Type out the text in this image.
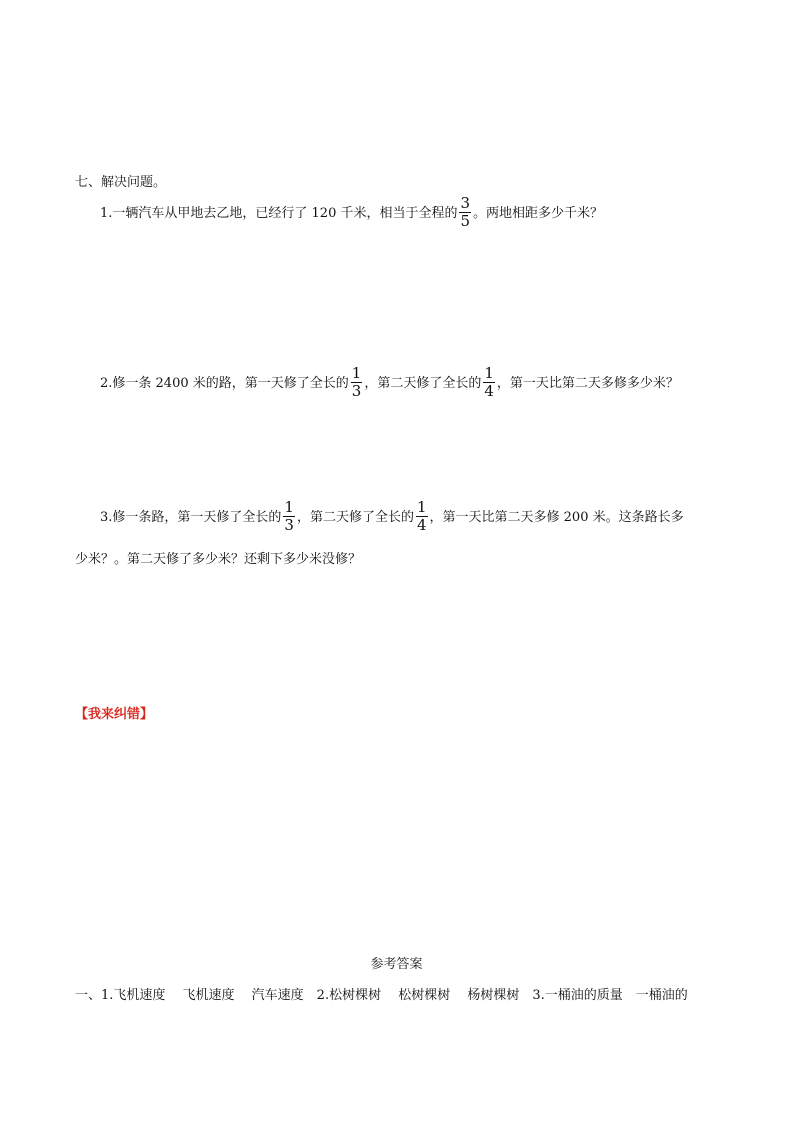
七、解决问题。
1.一辆汽车从甲地去乙地，已经行了 120 千米，相当于全程的 $\frac{3}{5}$ 。两地相距多少千米？
2.修一条 2400 米的路，第一天修了全长的 $\frac{1}{3}$ ，第二天修了全长的 $\frac{1}{4}$ ，第一天比第二天多修多少米？
3.修一条路，第一天修了全长的 $\frac{1}{3}$ ，第二天修了全长的 $\frac{1}{4}$ ，第一天比第二天多修 200 米。这条路长多
少米？。第二天修了多少米？还剩下多少米没修？
【我来纠错】
参考答案
一、1.飞机速度　 飞机速度　 汽车速度　2.松树棵树　 松树棵树　 杨树棵树　3.一桶油的质量　一桶油的
